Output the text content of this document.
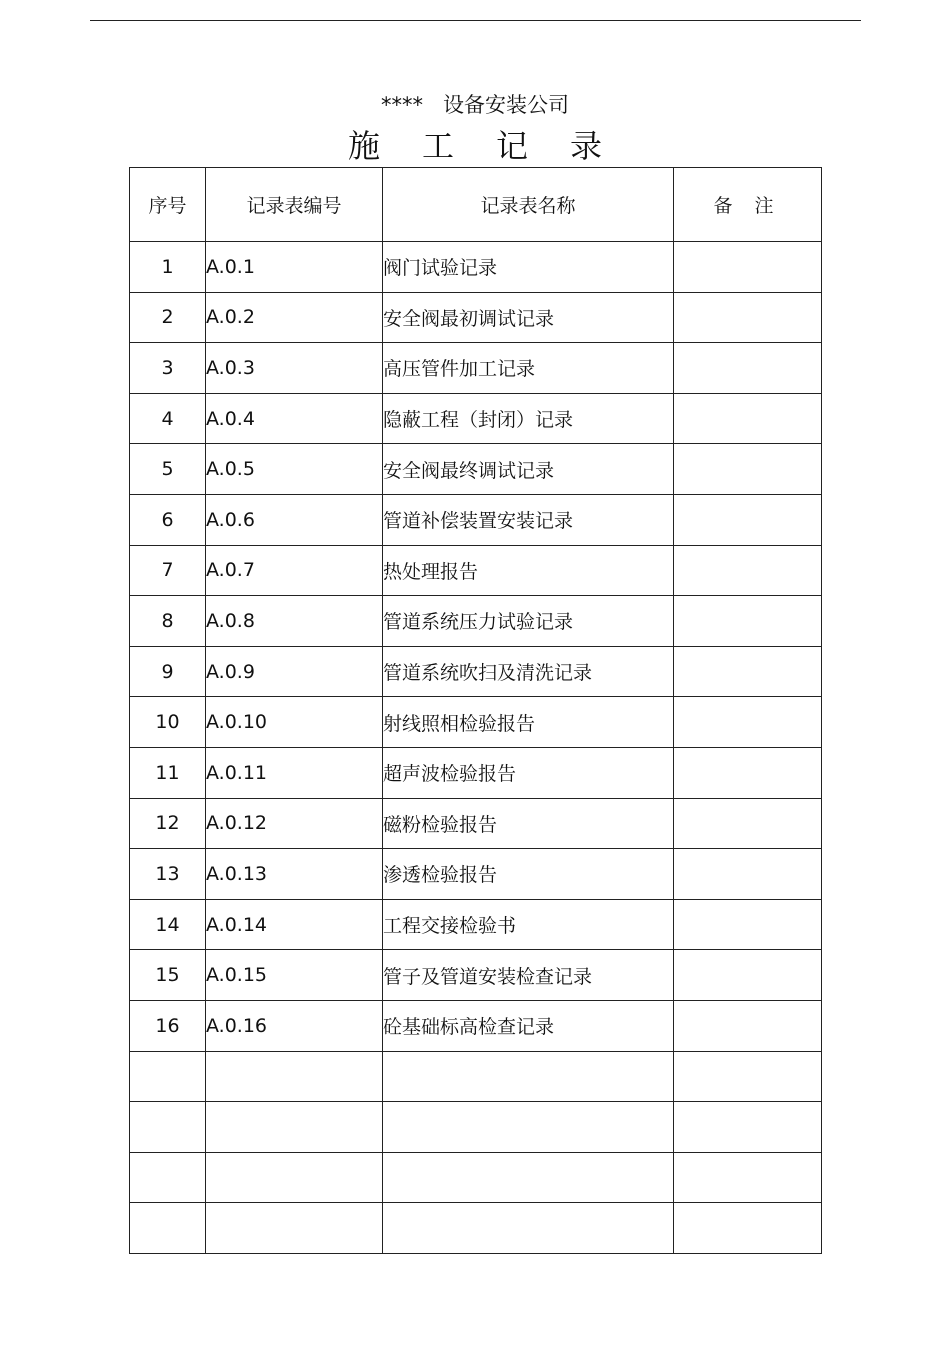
****   设备安装公司
施工记录
序号	记录表编号	记录表名称	备 注
1	A.0.1	阀门试验记录	
2	A.0.2	安全阀最初调试记录	
3	A.0.3	高压管件加工记录	
4	A.0.4	隐蔽工程（封闭）记录	
5	A.0.5	安全阀最终调试记录	
6	A.0.6	管道补偿装置安装记录	
7	A.0.7	热处理报告	
8	A.0.8	管道系统压力试验记录	
9	A.0.9	管道系统吹扫及清洗记录	
10	A.0.10	射线照相检验报告	
11	A.0.11	超声波检验报告	
12	A.0.12	磁粉检验报告	
13	A.0.13	渗透检验报告	
14	A.0.14	工程交接检验书	
15	A.0.15	管子及管道安装检查记录	
16	A.0.16	砼基础标高检查记录	
